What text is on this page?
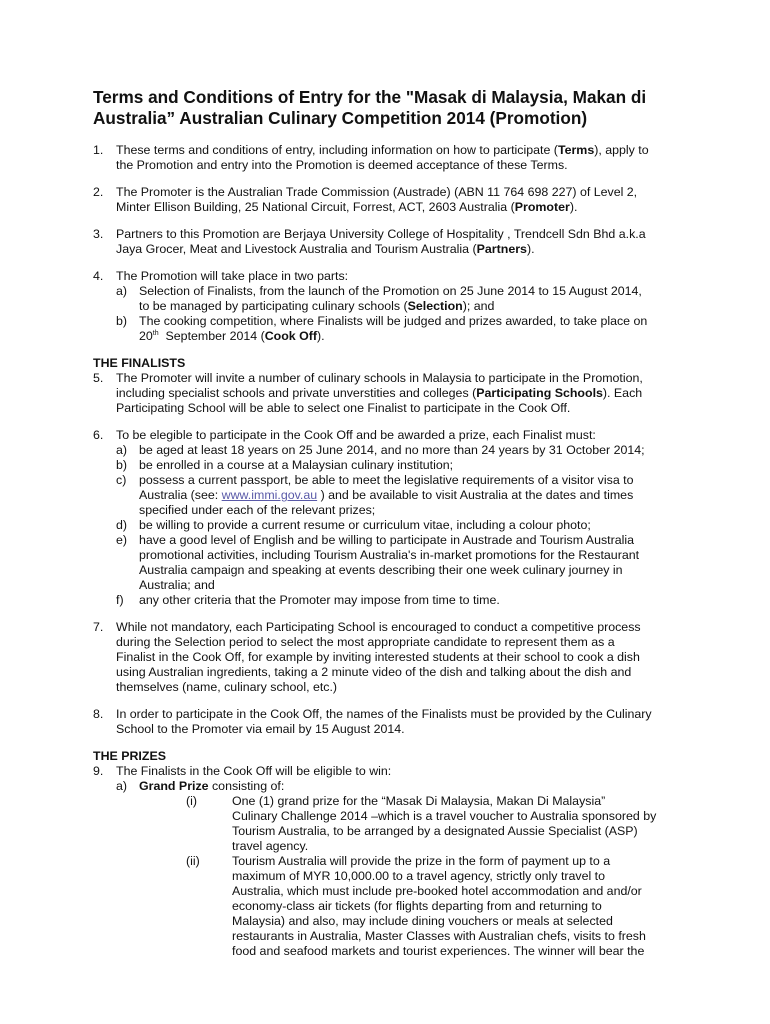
Terms and Conditions of Entry for the "Masak di Malaysia, Makan di
Australia” Australian Culinary Competition 2014 (Promotion)
1. These terms and conditions of entry, including information on how to participate (Terms), apply to
the Promotion and entry into the Promotion is deemed acceptance of these Terms.
2. The Promoter is the Australian Trade Commission (Austrade) (ABN 11 764 698 227) of Level 2,
Minter Ellison Building, 25 National Circuit, Forrest, ACT, 2603 Australia (Promoter).
3. Partners to this Promotion are Berjaya University College of Hospitality , Trendcell Sdn Bhd a.k.a
Jaya Grocer, Meat and Livestock Australia and Tourism Australia (Partners).
4. The Promotion will take place in two parts:
a) Selection of Finalists, from the launch of the Promotion on 25 June 2014 to 15 August 2014,
to be managed by participating culinary schools (Selection); and
b) The cooking competition, where Finalists will be judged and prizes awarded, to take place on
20th  September 2014 (Cook Off).
THE FINALISTS
5. The Promoter will invite a number of culinary schools in Malaysia to participate in the Promotion,
including specialist schools and private unverstities and colleges (Participating Schools). Each
Participating School will be able to select one Finalist to participate in the Cook Off.
6. To be elegible to participate in the Cook Off and be awarded a prize, each Finalist must:
a) be aged at least 18 years on 25 June 2014, and no more than 24 years by 31 October 2014;
b) be enrolled in a course at a Malaysian culinary institution;
c) possess a current passport, be able to meet the legislative requirements of a visitor visa to
Australia (see: www.immi.gov.au ) and be available to visit Australia at the dates and times
specified under each of the relevant prizes;
d) be willing to provide a current resume or curriculum vitae, including a colour photo;
e) have a good level of English and be willing to participate in Austrade and Tourism Australia
promotional activities, including Tourism Australia's in-market promotions for the Restaurant
Australia campaign and speaking at events describing their one week culinary journey in
Australia; and
f) any other criteria that the Promoter may impose from time to time.
7. While not mandatory, each Participating School is encouraged to conduct a competitive process
during the Selection period to select the most appropriate candidate to represent them as a
Finalist in the Cook Off, for example by inviting interested students at their school to cook a dish
using Australian ingredients, taking a 2 minute video of the dish and talking about the dish and
themselves (name, culinary school, etc.)
8. In order to participate in the Cook Off, the names of the Finalists must be provided by the Culinary
School to the Promoter via email by 15 August 2014.
THE PRIZES
9. The Finalists in the Cook Off will be eligible to win:
a) Grand Prize consisting of:
(i)	One (1) grand prize for the “Masak Di Malaysia, Makan Di Malaysia”
Culinary Challenge 2014 –which is a travel voucher to Australia sponsored by
Tourism Australia, to be arranged by a designated Aussie Specialist (ASP)
travel agency.
(ii)	Tourism Australia will provide the prize in the form of payment up to a
maximum of MYR 10,000.00 to a travel agency, strictly only travel to
Australia, which must include pre-booked hotel accommodation and and/or
economy-class air tickets (for flights departing from and returning to
Malaysia) and also, may include dining vouchers or meals at selected
restaurants in Australia, Master Classes with Australian chefs, visits to fresh
food and seafood markets and tourist experiences. The winner will bear the
